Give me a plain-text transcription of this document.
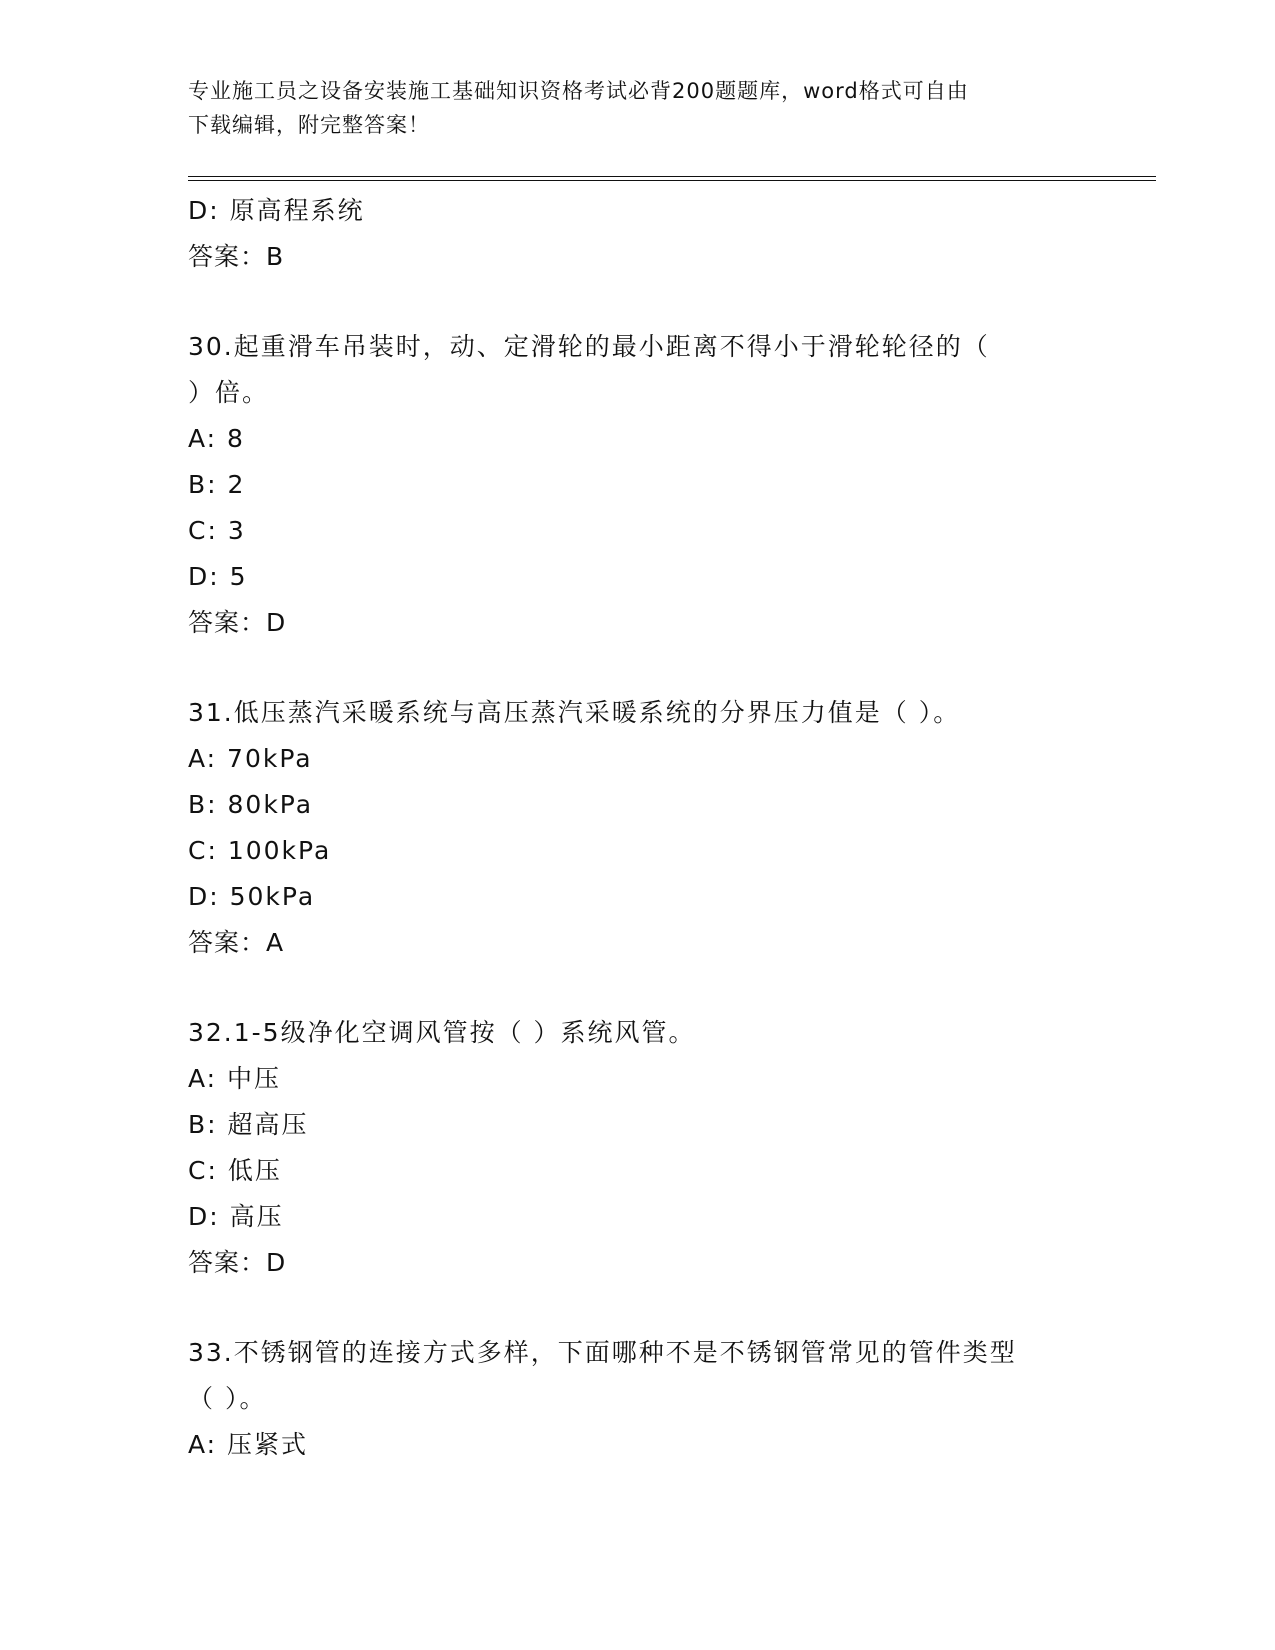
专业施工员之设备安装施工基础知识资格考试必背200题题库，word格式可自由
下载编辑，附完整答案！
D: 原高程系统
答案：B
30.起重滑车吊装时，动、定滑轮的最小距离不得小于滑轮轮径的（
）倍。
A: 8
B: 2
C: 3
D: 5
答案：D
31.低压蒸汽采暖系统与高压蒸汽采暖系统的分界压力值是（ ）。
A: 70kPa
B: 80kPa
C: 100kPa
D: 50kPa
答案：A
32.1-5级净化空调风管按（ ）系统风管。
A: 中压
B: 超高压
C: 低压
D: 高压
答案：D
33.不锈钢管的连接方式多样，下面哪种不是不锈钢管常见的管件类型
（ ）。
A: 压紧式
